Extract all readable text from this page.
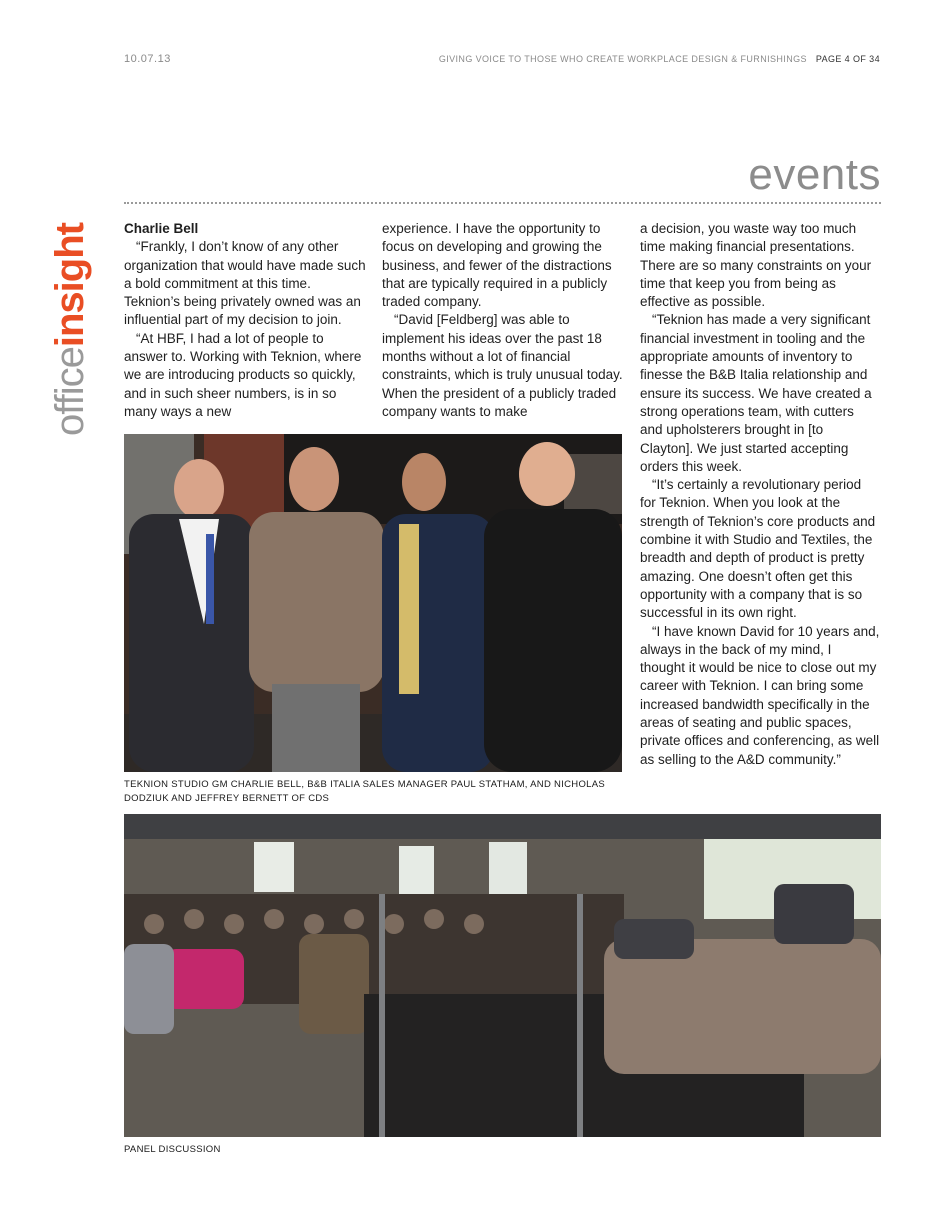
10.07.13	GIVING VOICE TO THOSE WHO CREATE WORKPLACE DESIGN & FURNISHINGS PAGE 4 OF 34
events
officeinsight Charlie Bell

“Frankly, I don’t know of any other organization that would have made such a bold commitment at this time. Teknion’s being privately owned was an influential part of my decision to join.

“At HBF, I had a lot of people to answer to. Working with Teknion, where we are introducing products so quickly, and in such sheer numbers, is in so many ways a new

experience. I have the opportunity to focus on developing and growing the business, and fewer of the distractions that are typically required in a publicly traded company.

“David [Feldberg] was able to implement his ideas over the past 18 months without a lot of financial constraints, which is truly unusual today. When the president of a publicly traded company wants to make

a decision, you waste way too much time making financial presentations. There are so many constraints on your time that keep you from being as effective as possible.

“Teknion has made a very significant financial investment in tooling and the appropriate amounts of inventory to finesse the B&B Italia relationship and ensure its success. We have created a strong operations team, with cutters and upholsterers brought in [to Clayton]. We just started accepting orders this week.

“It’s certainly a revolutionary period for Teknion. When you look at the strength of Teknion’s core products and combine it with Studio and Textiles, the breadth and depth of product is pretty amazing. One doesn’t often get this opportunity with a company that is so successful in its own right.

“I have known David for 10 years and, always in the back of my mind, I thought it would be nice to close out my career with Teknion. I can bring some increased bandwidth specifically in the areas of seating and public spaces, private offices and conferencing, as well as selling to the A&D community.”

TEKNION STUDIO GM CHARLIE BELL, B&B ITALIA SALES MANAGER PAUL STATHAM, AND NICHOLAS DODZIUK AND JEFFREY BERNETT OF CDS
PANEL DISCUSSION
